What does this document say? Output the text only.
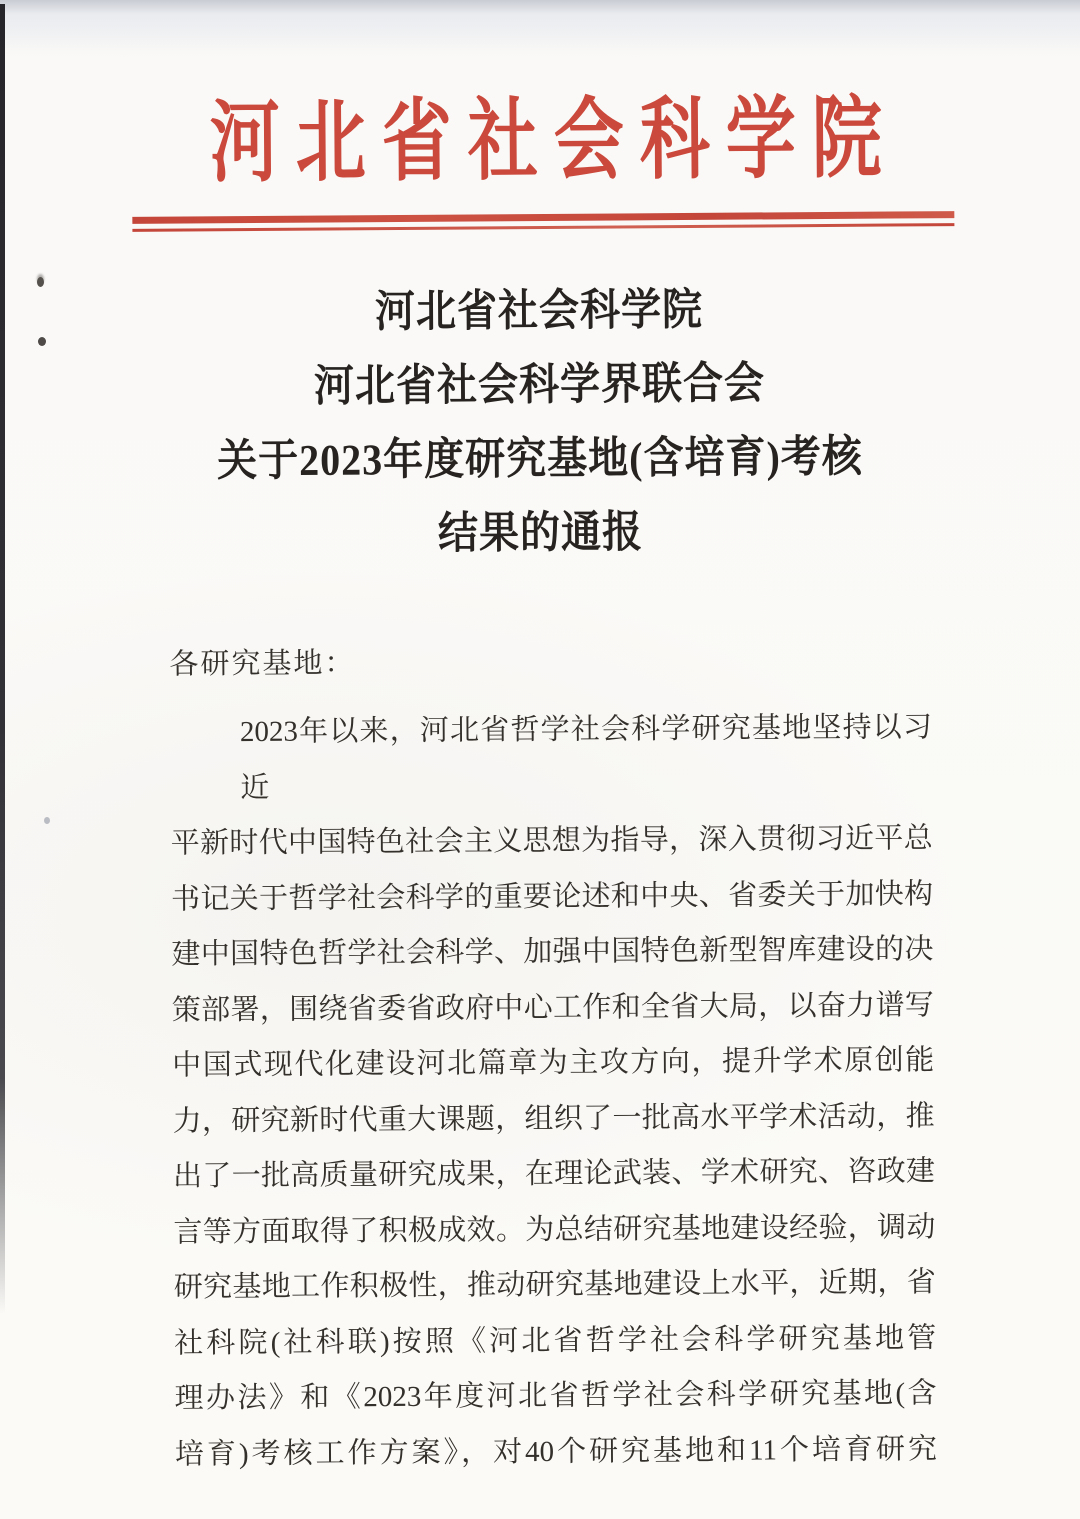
河北省社会科学院
河北省社会科学院
河北省社会科学界联合会
关于2023年度研究基地(含培育)考核
结果的通报

各研究基地：

2023年以来，河北省哲学社会科学研究基地坚持以习近
平新时代中国特色社会主义思想为指导，深入贯彻习近平总
书记关于哲学社会科学的重要论述和中央、省委关于加快构
建中国特色哲学社会科学、加强中国特色新型智库建设的决
策部署，围绕省委省政府中心工作和全省大局，以奋力谱写
中国式现代化建设河北篇章为主攻方向，提升学术原创能
力，研究新时代重大课题，组织了一批高水平学术活动，推
出了一批高质量研究成果，在理论武装、学术研究、咨政建
言等方面取得了积极成效。为总结研究基地建设经验，调动
研究基地工作积极性，推动研究基地建设上水平，近期，省
社科院(社科联)按照《河北省哲学社会科学研究基地管
理办法》和《2023年度河北省哲学社会科学研究基地(含
培育)考核工作方案》，对40个研究基地和11个培育研究
